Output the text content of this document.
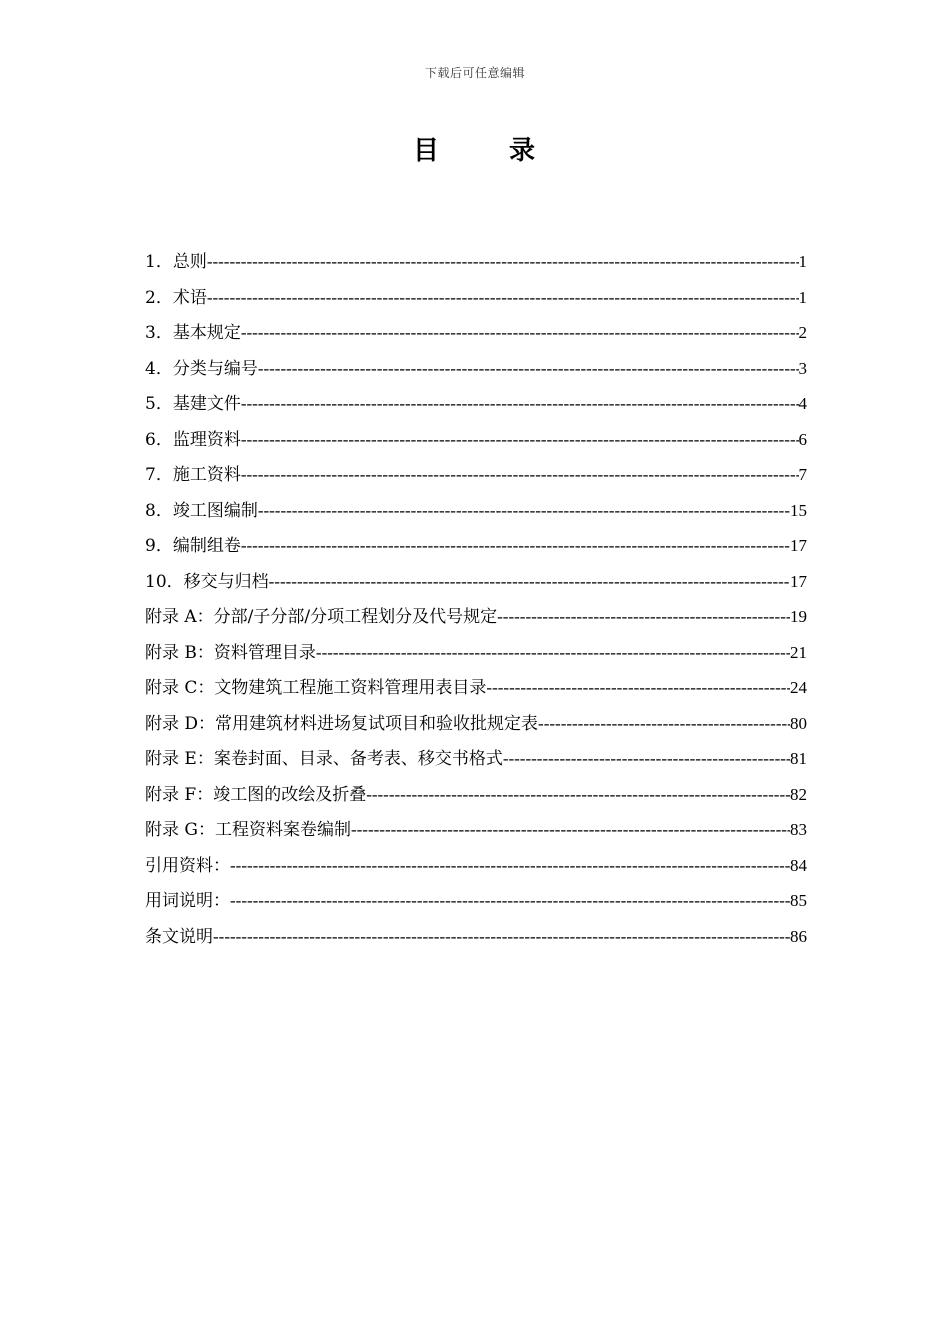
下载后可任意编辑
目	录
1．总则 -----	1
2．术语 -----	1
3．基本规定 -----	2
4．分类与编号 -----	3
5．基建文件 -----	4
6．监理资料 -----	6
7．施工资料 -----	7
8．竣工图编制 -----	15
9．编制组卷 -----	17
10．移交与归档 -----	17
附录 A：分部/子分部/分项工程划分及代号规定 -----	19
附录 B：资料管理目录 -----	21
附录 C：文物建筑工程施工资料管理用表目录 -----	24
附录 D：常用建筑材料进场复试项目和验收批规定表 -----	80
附录 E：案卷封面、目录、备考表、移交书格式 -----	81
附录 F：竣工图的改绘及折叠 -----	82
附录 G：工程资料案卷编制 -----	83
引用资料： -----	84
用词说明： -----	85
条文说明 -----	86
